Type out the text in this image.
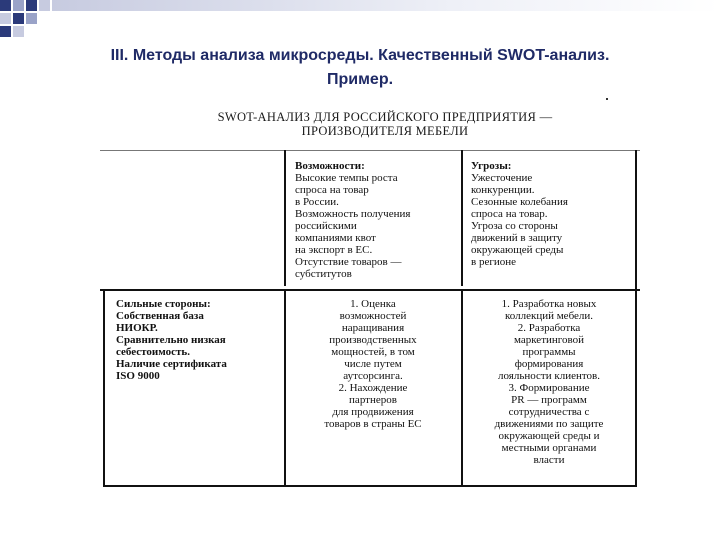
III. Методы анализа микросреды. Качественный SWOT-анализ.
Пример.
SWOT-АНАЛИЗ ДЛЯ РОССИЙСКОГО ПРЕДПРИЯТИЯ —
ПРОИЗВОДИТЕЛЯ МЕБЕЛИ
Возможности:
Высокие темпы роста
спроса на товар
в России.
Возможность получения
российскими
компаниями квот
на экспорт в ЕС.
Отсутствие товаров —
субститутов
Угрозы:
Ужесточение
конкуренции.
Сезонные колебания
спроса на товар.
Угроза со стороны
движений в защиту
окружающей среды
в регионе
Сильные стороны:
Собственная база
НИОКР.
Сравнительно низкая
себестоимость.
Наличие сертификата
ISO 9000
1. Оценка
возможностей
наращивания
производственных
мощностей, в том
числе путем
аутсорсинга.
2. Нахождение
партнеров
для продвижения
товаров в страны ЕС
1. Разработка новых
коллекций мебели.
2. Разработка
маркетинговой
программы
формирования
лояльности клиентов.
3. Формирование
PR — программ
сотрудничества с
движениями по защите
окружающей среды и
местными органами
власти
